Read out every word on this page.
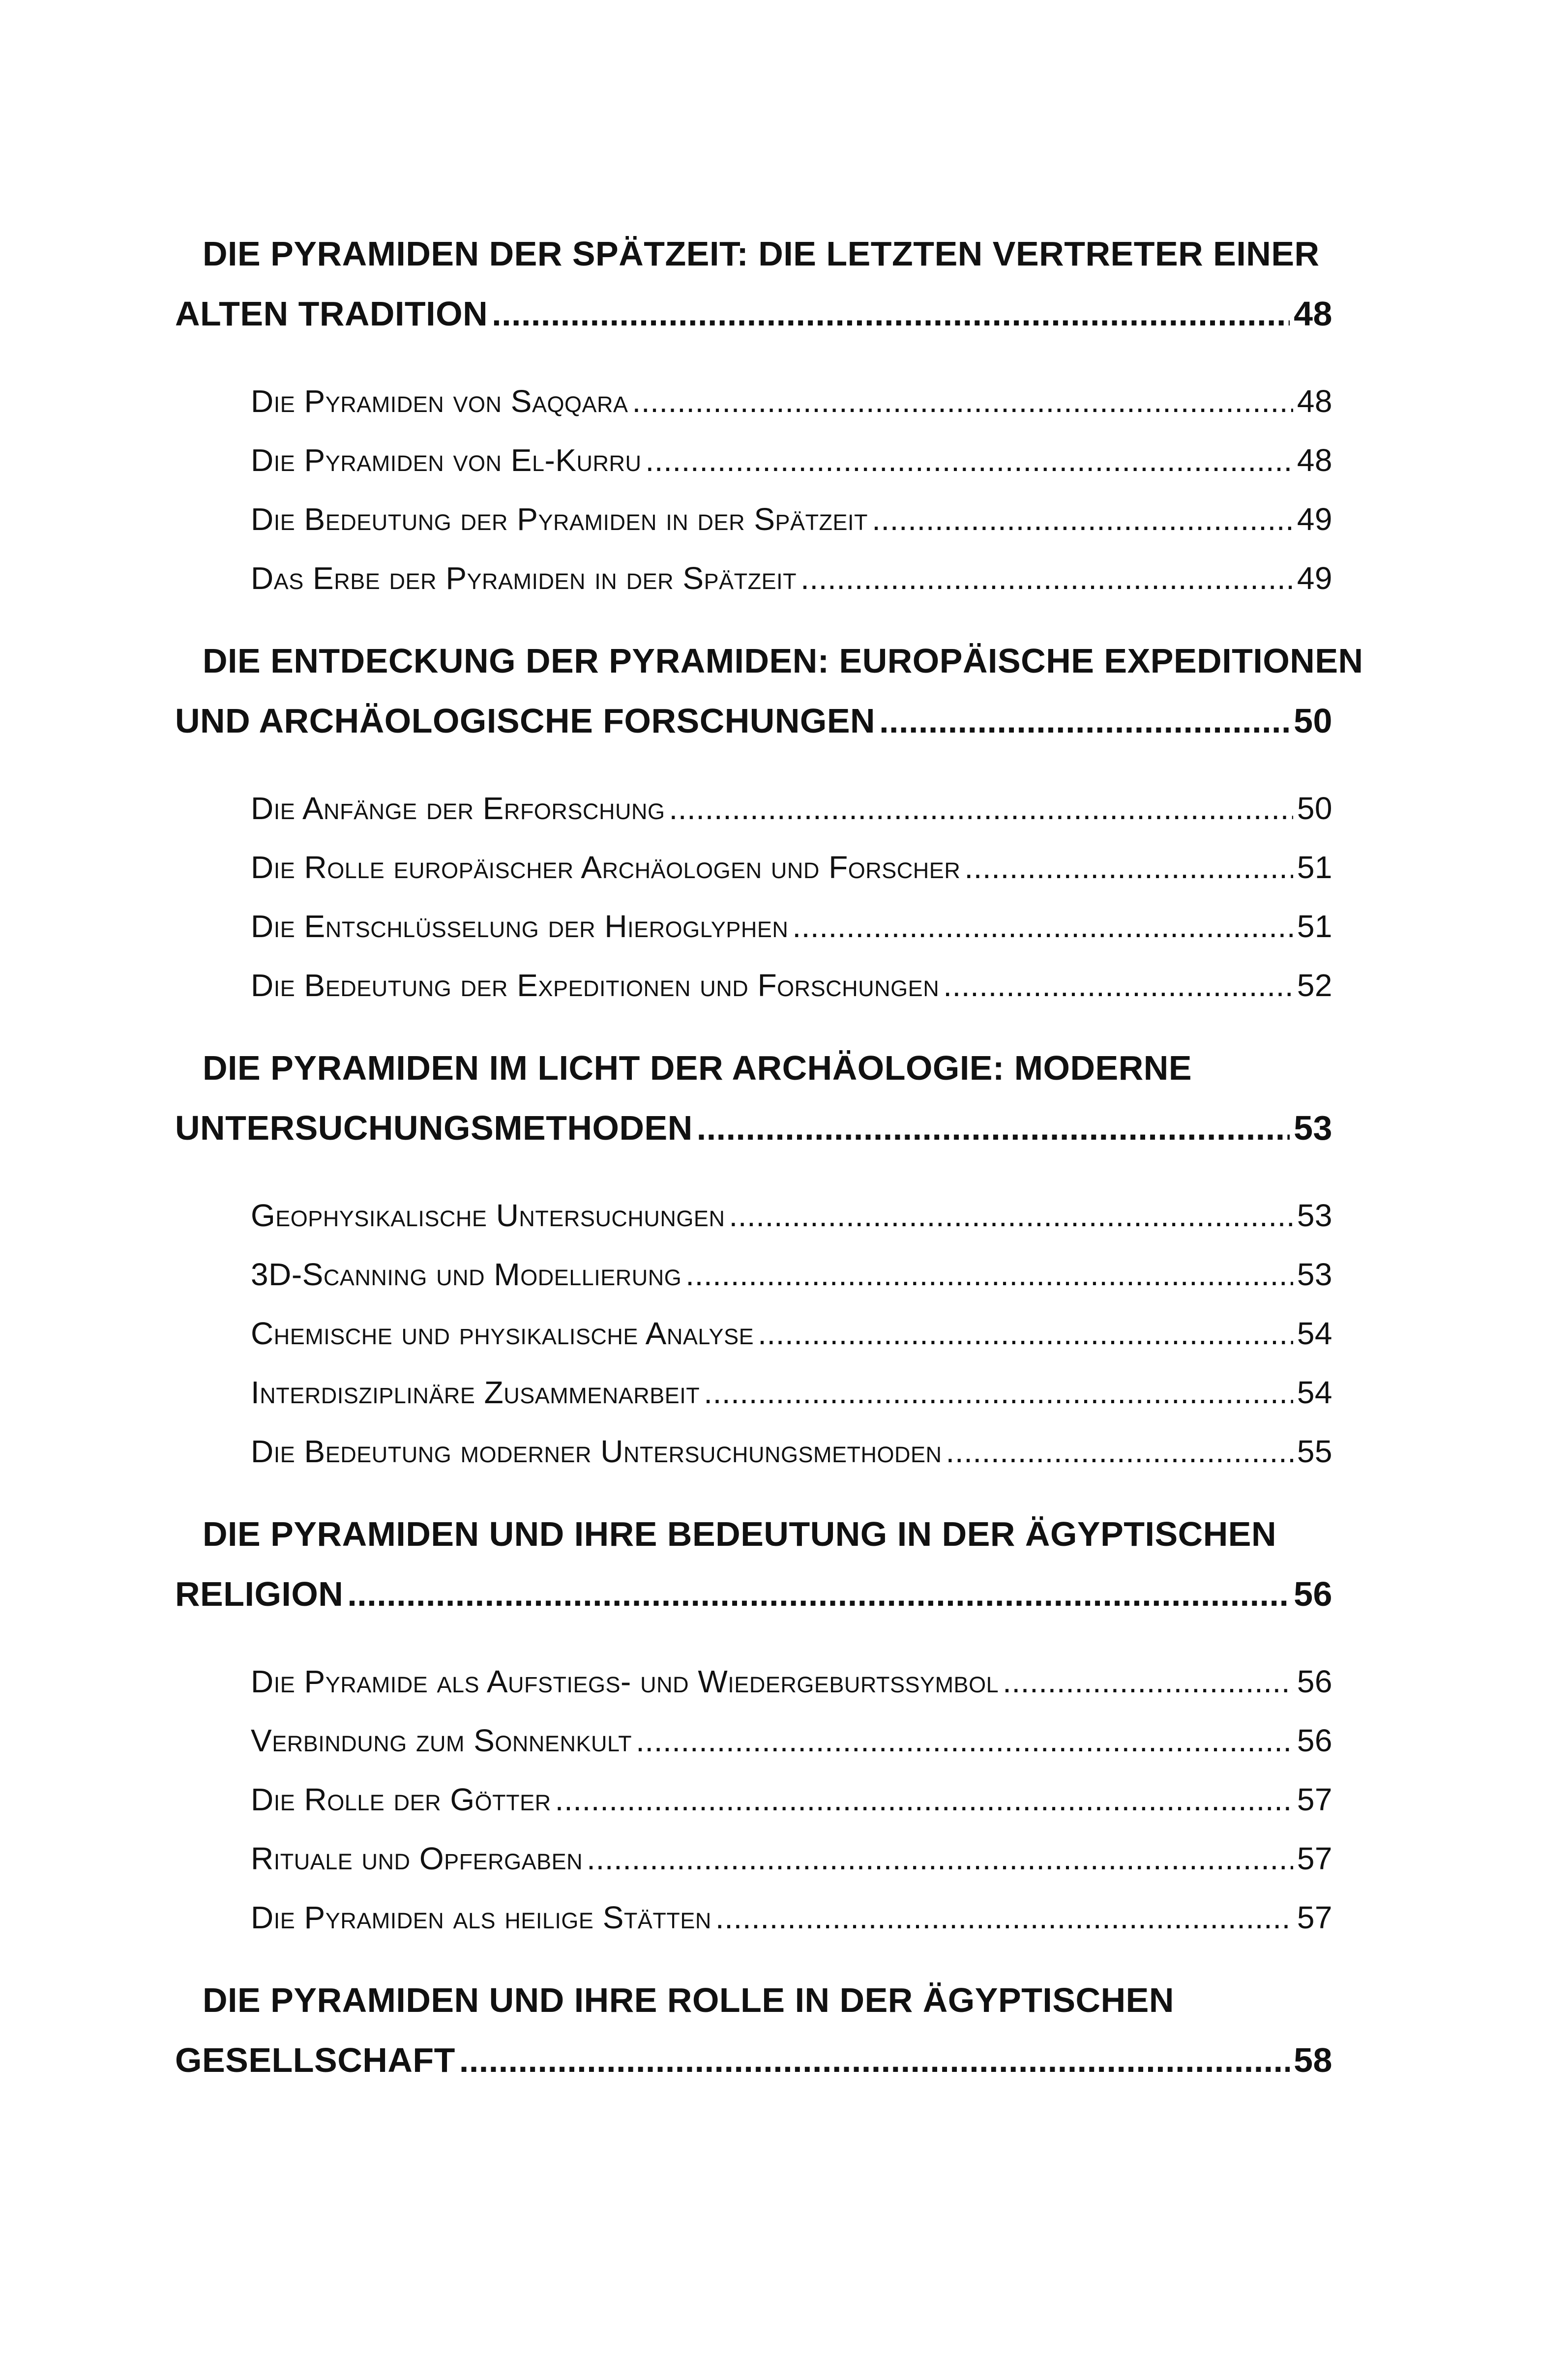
DIE PYRAMIDEN DER SPÄTZEIT: DIE LETZTEN VERTRETER EINER
ALTEN TRADITION .....	48
Die Pyramiden von Saqqara .....	48
Die Pyramiden von El-Kurru .....	48
Die Bedeutung der Pyramiden in der Spätzeit .....	49
Das Erbe der Pyramiden in der Spätzeit .....	49
DIE ENTDECKUNG DER PYRAMIDEN: EUROPÄISCHE EXPEDITIONEN
UND ARCHÄOLOGISCHE FORSCHUNGEN .....	50
Die Anfänge der Erforschung .....	50
Die Rolle europäischer Archäologen und Forscher .....	51
Die Entschlüsselung der Hieroglyphen .....	51
Die Bedeutung der Expeditionen und Forschungen .....	52
DIE PYRAMIDEN IM LICHT DER ARCHÄOLOGIE: MODERNE
UNTERSUCHUNGSMETHODEN .....	53
Geophysikalische Untersuchungen .....	53
3D-Scanning und Modellierung .....	53
Chemische und physikalische Analyse .....	54
Interdisziplinäre Zusammenarbeit .....	54
Die Bedeutung moderner Untersuchungsmethoden .....	55
DIE PYRAMIDEN UND IHRE BEDEUTUNG IN DER ÄGYPTISCHEN
RELIGION .....	56
Die Pyramide als Aufstiegs- und Wiedergeburtssymbol .....	56
Verbindung zum Sonnenkult .....	56
Die Rolle der Götter .....	57
Rituale und Opfergaben .....	57
Die Pyramiden als heilige Stätten .....	57
DIE PYRAMIDEN UND IHRE ROLLE IN DER ÄGYPTISCHEN
GESELLSCHAFT .....	58
